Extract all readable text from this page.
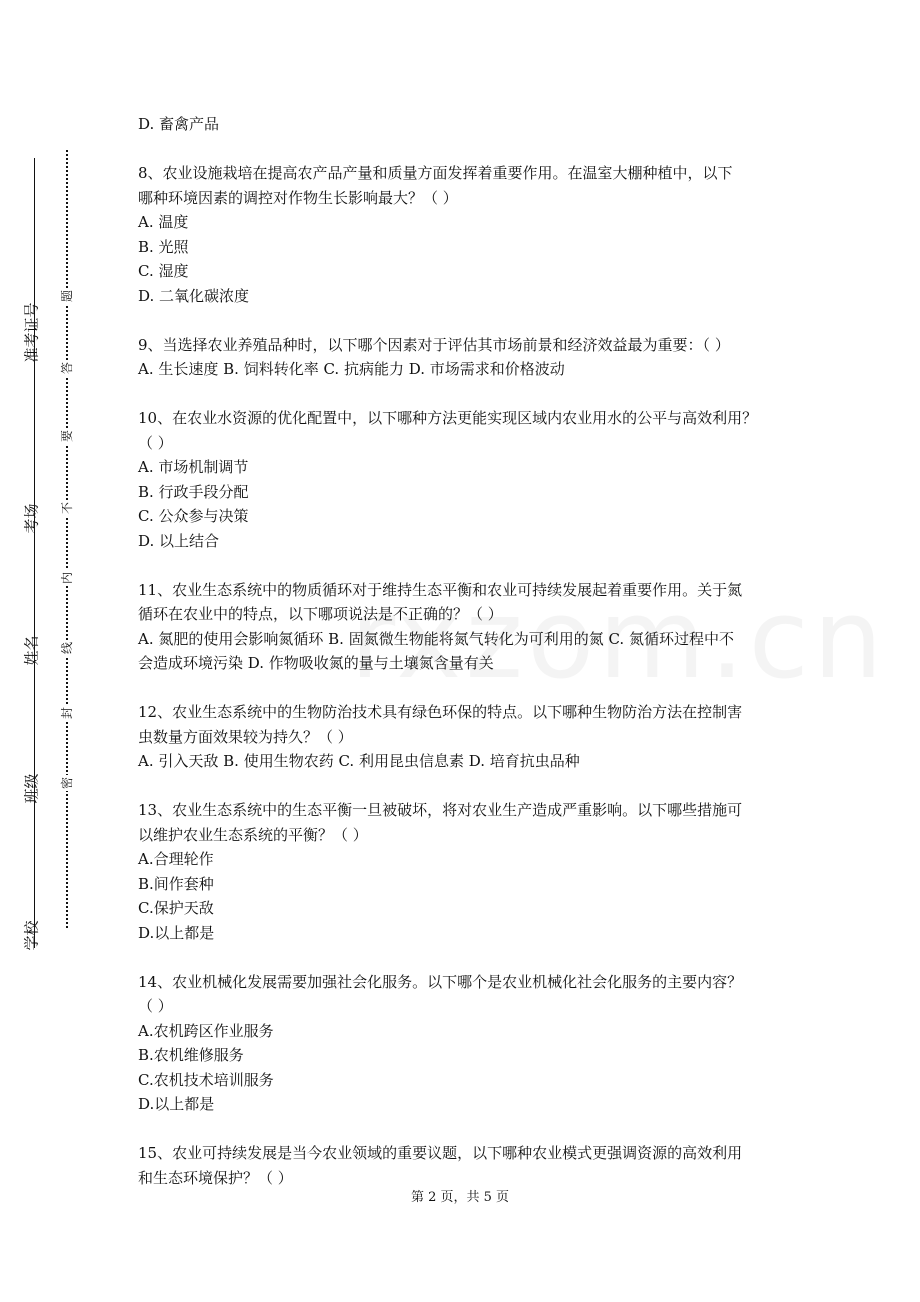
准考证号
考场
姓名
班级
学校
题
答
要
不
内
线
封
密
D. 畜禽产品
8、农业设施栽培在提高农产品产量和质量方面发挥着重要作用。在温室大棚种植中，以下
哪种环境因素的调控对作物生长影响最大？（ ）
A. 温度
B. 光照
C. 湿度
D. 二氧化碳浓度
9、当选择农业养殖品种时，以下哪个因素对于评估其市场前景和经济效益最为重要：（ ）
A. 生长速度 B. 饲料转化率 C. 抗病能力 D. 市场需求和价格波动
10、在农业水资源的优化配置中，以下哪种方法更能实现区域内农业用水的公平与高效利用？
（ ）
A. 市场机制调节
B. 行政手段分配
C. 公众参与决策
D. 以上结合
11、农业生态系统中的物质循环对于维持生态平衡和农业可持续发展起着重要作用。关于氮
循环在农业中的特点，以下哪项说法是不正确的？（ ）
A. 氮肥的使用会影响氮循环 B. 固氮微生物能将氮气转化为可利用的氮 C. 氮循环过程中不
会造成环境污染 D. 作物吸收氮的量与土壤氮含量有关
12、农业生态系统中的生物防治技术具有绿色环保的特点。以下哪种生物防治方法在控制害
虫数量方面效果较为持久？（ ）
A. 引入天敌 B. 使用生物农药 C. 利用昆虫信息素 D. 培育抗虫品种
13、农业生态系统中的生态平衡一旦被破坏，将对农业生产造成严重影响。以下哪些措施可
以维护农业生态系统的平衡？（ ）
A.合理轮作
B.间作套种
C.保护天敌
D.以上都是
14、农业机械化发展需要加强社会化服务。以下哪个是农业机械化社会化服务的主要内容？
（ ）
A.农机跨区作业服务
B.农机维修服务
C.农机技术培训服务
D.以上都是
15、农业可持续发展是当今农业领域的重要议题，以下哪种农业模式更强调资源的高效利用
和生态环境保护？（ ）
第 2 页，共 5 页
